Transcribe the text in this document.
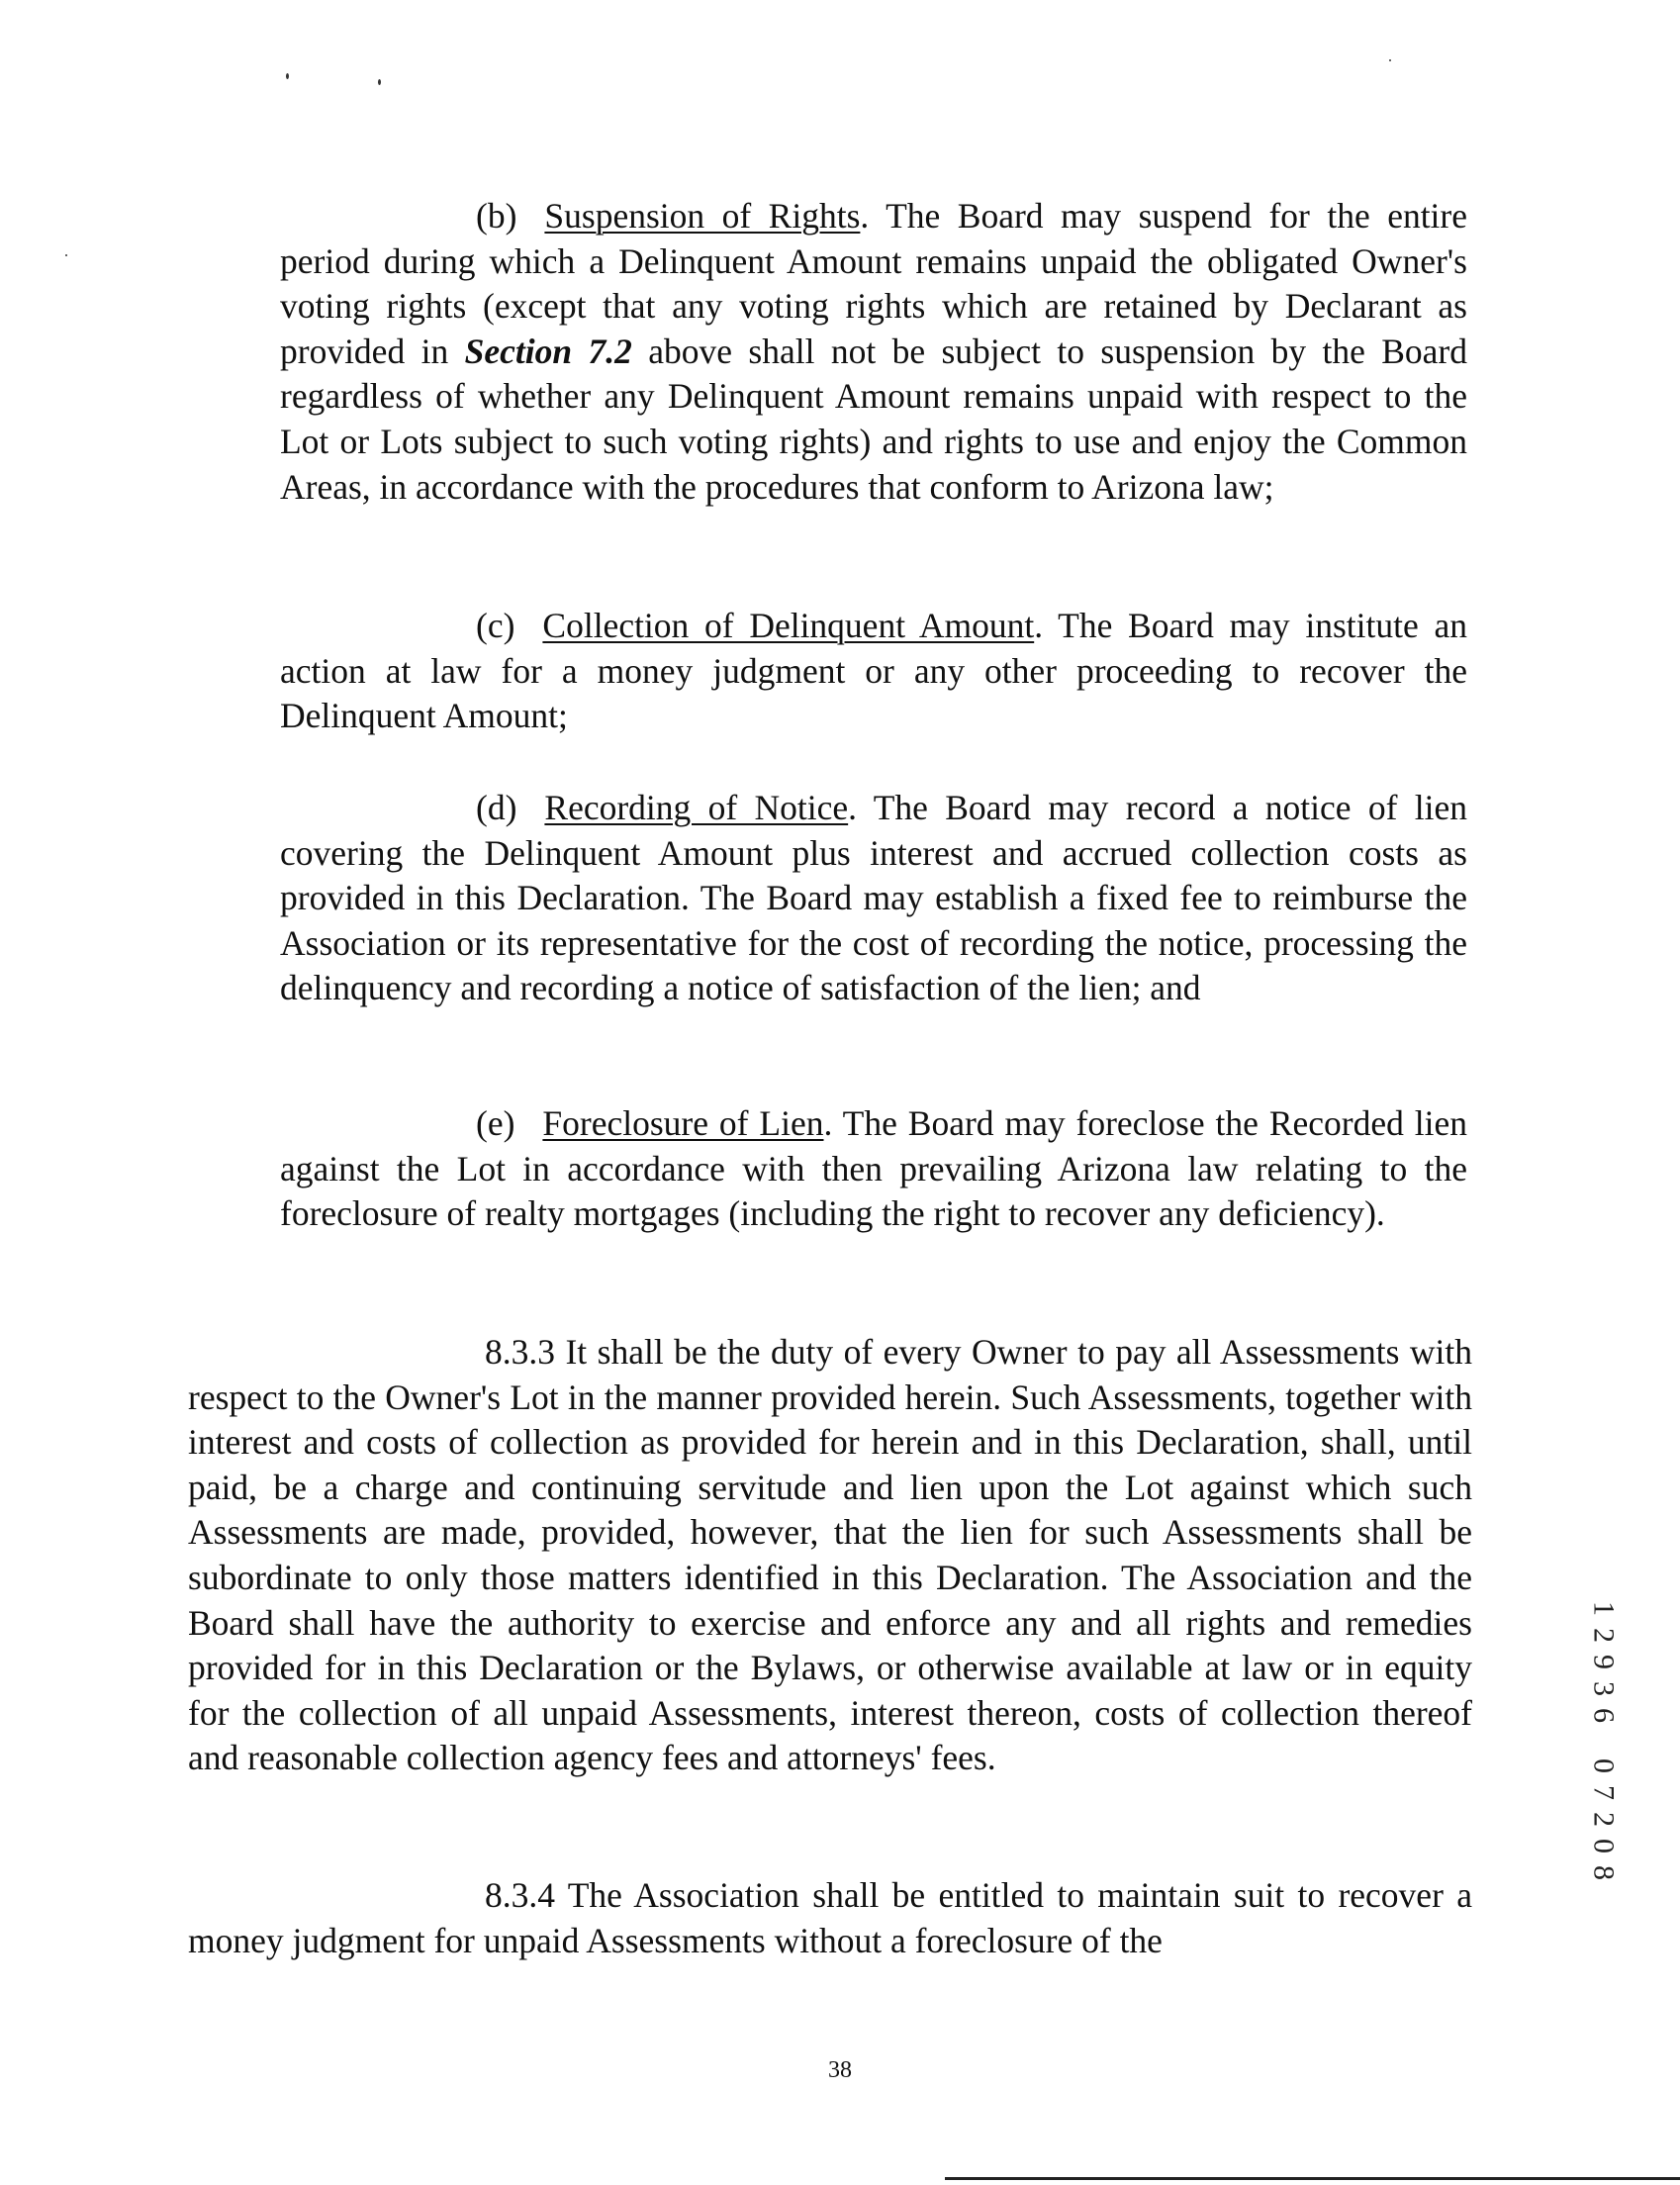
(b) Suspension of Rights. The Board may suspend for the entire period during which a Delinquent Amount remains unpaid the obligated Owner's voting rights (except that any voting rights which are retained by Declarant as provided in Section 7.2 above shall not be subject to suspension by the Board regardless of whether any Delinquent Amount remains unpaid with respect to the Lot or Lots subject to such voting rights) and rights to use and enjoy the Common Areas, in accordance with the procedures that conform to Arizona law;

(c) Collection of Delinquent Amount. The Board may institute an action at law for a money judgment or any other proceeding to recover the Delinquent Amount;

(d) Recording of Notice. The Board may record a notice of lien covering the Delinquent Amount plus interest and accrued collection costs as provided in this Declaration. The Board may establish a fixed fee to reimburse the Association or its representative for the cost of recording the notice, processing the delinquency and recording a notice of satisfaction of the lien; and

(e) Foreclosure of Lien. The Board may foreclose the Recorded lien against the Lot in accordance with then prevailing Arizona law relating to the foreclosure of realty mortgages (including the right to recover any deficiency).

8.3.3 It shall be the duty of every Owner to pay all Assessments with respect to the Owner's Lot in the manner provided herein. Such Assessments, together with interest and costs of collection as provided for herein and in this Declaration, shall, until paid, be a charge and continuing servitude and lien upon the Lot against which such Assessments are made, provided, however, that the lien for such Assessments shall be subordinate to only those matters identified in this Declaration. The Association and the Board shall have the authority to exercise and enforce any and all rights and remedies provided for in this Declaration or the Bylaws, or otherwise available at law or in equity for the collection of all unpaid Assessments, interest thereon, costs of collection thereof and reasonable collection agency fees and attorneys' fees.

8.3.4 The Association shall be entitled to maintain suit to recover a money judgment for unpaid Assessments without a foreclosure of the

38
1
2
9
3
6
0
7
2
0
8
